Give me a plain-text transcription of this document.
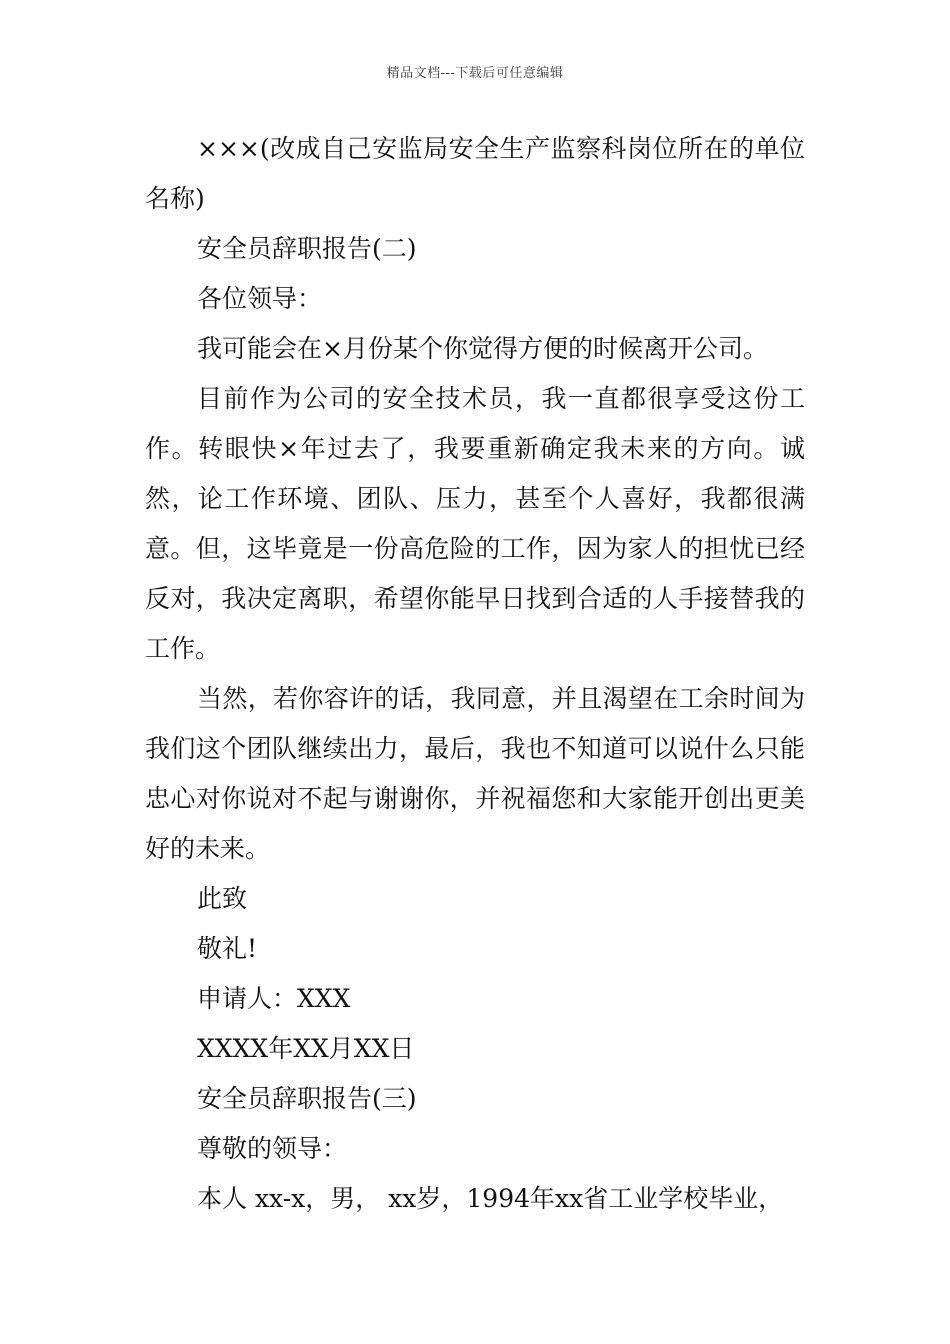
精品文档---下载后可任意编辑

×××(改成自己安监局安全生产监察科岗位所在的单位名称)

安全员辞职报告(二)

各位领导：

我可能会在×月份某个你觉得方便的时候离开公司。

目前作为公司的安全技术员，我一直都很享受这份工作。转眼快×年过去了，我要重新确定我未来的方向。诚然，论工作环境、团队、压力，甚至个人喜好，我都很满意。但，这毕竟是一份高危险的工作，因为家人的担忧已经反对，我决定离职，希望你能早日找到合适的人手接替我的工作。

当然，若你容许的话，我同意，并且渴望在工余时间为我们这个团队继续出力，最后，我也不知道可以说什么只能忠心对你说对不起与谢谢你，并祝福您和大家能开创出更美好的未来。

此致

敬礼!

申请人：XXX

XXXX年XX月XX日

安全员辞职报告(三)

尊敬的领导：

本人 xx-x，男， xx岁，1994年xx省工业学校毕业，
